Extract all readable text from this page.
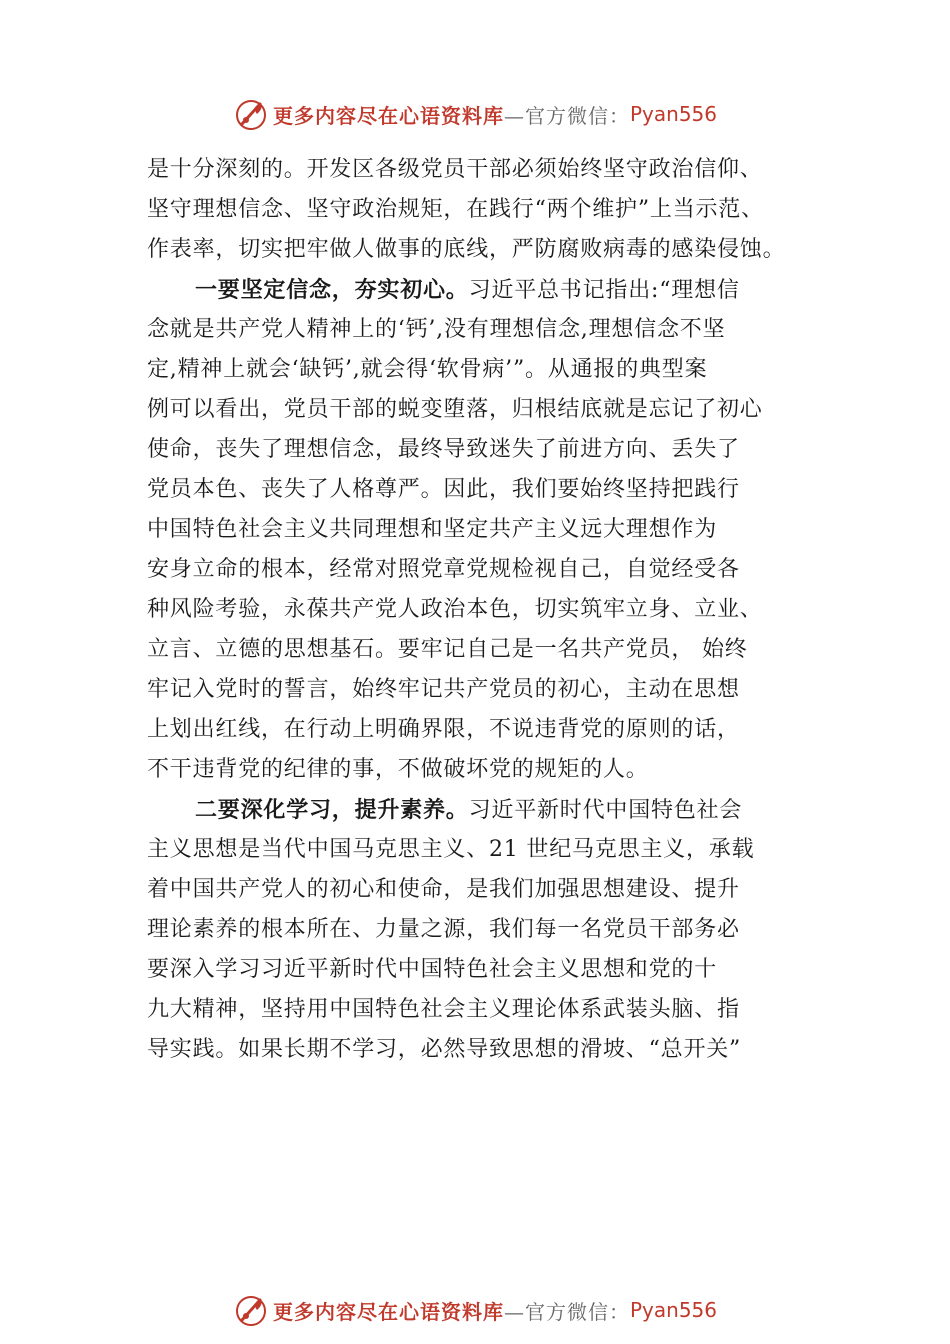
更多内容尽在心语资料库 —官方微信： Pyan556
是十分深刻的。开发区各级党员干部必须始终坚守政治信仰、
坚守理想信念、坚守政治规矩，在践行“两个维护”上当示范、
作表率，切实把牢做人做事的底线，严防腐败病毒的感染侵蚀。
一要坚定信念，夯实初心。习近平总书记指出:“理想信
念就是共产党人精神上的‘钙’,没有理想信念,理想信念不坚
定,精神上就会‘缺钙’,就会得‘软骨病’”。从通报的典型案
例可以看出，党员干部的蜕变堕落，归根结底就是忘记了初心
使命，丧失了理想信念，最终导致迷失了前进方向、丢失了
党员本色、丧失了人格尊严。因此，我们要始终坚持把践行
中国特色社会主义共同理想和坚定共产主义远大理想作为
安身立命的根本，经常对照党章党规检视自己，自觉经受各
种风险考验，永葆共产党人政治本色，切实筑牢立身、立业、
立言、立德的思想基石。要牢记自己是一名共产党员， 始终
牢记入党时的誓言，始终牢记共产党员的初心，主动在思想
上划出红线，在行动上明确界限，不说违背党的原则的话，
不干违背党的纪律的事，不做破坏党的规矩的人。
二要深化学习，提升素养。习近平新时代中国特色社会
主义思想是当代中国马克思主义、21 世纪马克思主义，承载
着中国共产党人的初心和使命，是我们加强思想建设、提升
理论素养的根本所在、力量之源，我们每一名党员干部务必
要深入学习习近平新时代中国特色社会主义思想和党的十
九大精神，坚持用中国特色社会主义理论体系武装头脑、指
导实践。如果长期不学习，必然导致思想的滑坡、“总开关”
更多内容尽在心语资料库 —官方微信： Pyan556
